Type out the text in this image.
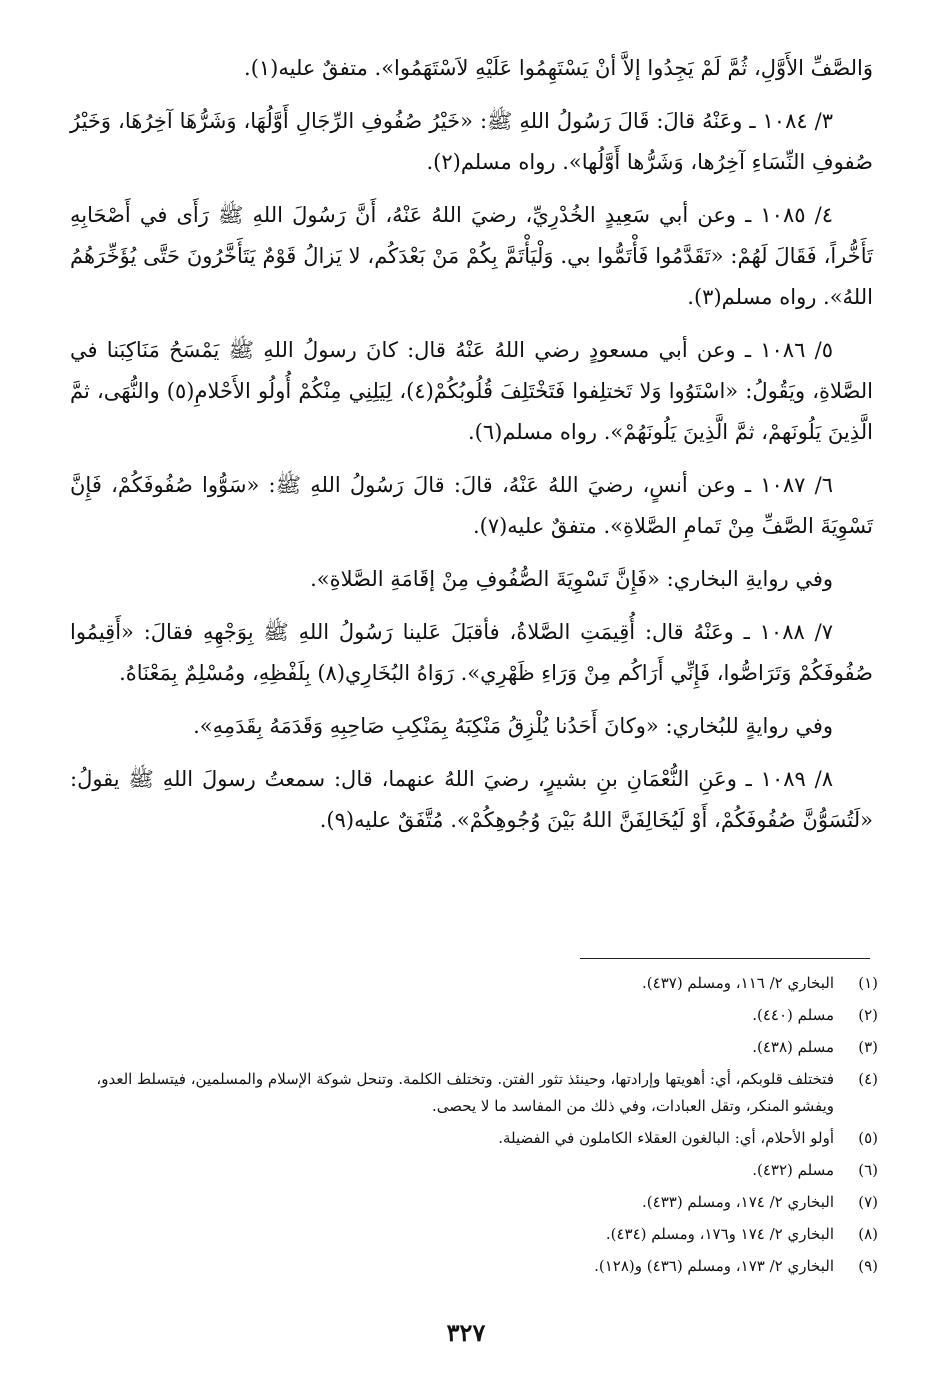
وَالصَّفِّ الأَوَّلِ، ثُمَّ لَمْ يَجِدُوا إلاَّ أنْ يَسْتَهِمُوا عَلَيْهِ لاَسْتَهَمُوا». متفقٌ عليه(١).

٣/ ١٠٨٤ ـ وعَنْهُ قالَ: قَالَ رَسُولُ اللهِ ﷺ: «خَيْرُ صُفُوفِ الرِّجَالِ أَوَّلُهَا، وَشَرُّهَا آخِرُهَا، وَخَيْرُ صُفوفِ النِّسَاءِ آخِرُها، وَشَرُّها أَوَّلُها». رواه مسلم(٢).

٤/ ١٠٨٥ ـ وعن أبي سَعِيدٍ الخُدْرِيِّ، رضيَ اللهُ عَنْهُ، أَنَّ رَسُولَ اللهِ ﷺ رَأَى في أَصْحَابِهِ تَأَخُّراً، فَقَالَ لَهُمْ: «تَقَدَّمُوا فَأْتَمُّوا بي. وَلْيَأْتَمَّ بِكُمْ مَنْ بَعْدَكُم، لا يَزالُ قَوْمٌ يَتَأَخَّرُونَ حَتَّى يُؤَخِّرَهُمُ اللهُ». رواه مسلم(٣).

٥/ ١٠٨٦ ـ وعن أبي مسعودٍ رضي اللهُ عَنْهُ قال: كانَ رسولُ اللهِ ﷺ يَمْسَحُ مَنَاكِبَنا في الصَّلاةِ، ويَقُولُ: «اسْتَوُوا وَلا تَختلِفوا فَتَخْتَلِفَ قُلُوبُكُمْ(٤)، لِيَلِنِي مِنْكُمْ أُولُو الأَحْلامِ(٥) والنُّهَى، ثمَّ الَّذِينَ يَلُونَهمْ، ثمَّ الَّذِينَ يَلُونَهُمْ». رواه مسلم(٦).

٦/ ١٠٨٧ ـ وعن أنسٍ، رضيَ اللهُ عَنْهُ، قالَ: قالَ رَسُولُ اللهِ ﷺ: «سَوُّوا صُفُوفَكُمْ، فَإِنَّ تَسْوِيَةَ الصَّفِّ مِنْ تَمامِ الصَّلاةِ». متفقٌ عليه(٧).

وفي روايةِ البخاري: «فَإِنَّ تَسْوِيَةَ الصُّفُوفِ مِنْ إقَامَةِ الصَّلاةِ».

٧/ ١٠٨٨ ـ وعَنْهُ قال: أُقِيمَتِ الصَّلاةُ، فأقبَلَ عَلينا رَسُولُ اللهِ ﷺ بِوَجْهِهِ فقالَ: «أَقِيمُوا صُفُوفَكُمْ وَتَرَاصُّوا، فَإِنِّي أَرَاكُم مِنْ وَرَاءِ ظَهْرِي». رَوَاهُ البُخَارِي(٨) بِلَفْظِهِ، ومُسْلِمٌ بِمَعْنَاهُ.

وفي روايةٍ للبُخاري: «وكانَ أَحَدُنا يُلْزِقُ مَنْكِبَهُ بِمَنْكِبِ صَاحِبِهِ وَقَدَمَهُ بِقَدَمِهِ».

٨/ ١٠٨٩ ـ وعَنِ النُّعْمَانِ بنِ بشيرٍ، رضيَ اللهُ عنهما، قال: سمعتُ رسولَ اللهِ ﷺ يقولُ: «لَتُسَوُّنَّ صُفُوفَكُمْ، أَوْ لَيُخَالِفَنَّ اللهُ بَيْنَ وُجُوهِكُمْ». مُتَّفَقٌ عليه(٩).

(١)
البخاري ٢/ ١١٦، ومسلم (٤٣٧).
(٢)
مسلم (٤٤٠).
(٣)
مسلم (٤٣٨).
(٤)
فتختلف قلوبكم، أي: أهويتها وإرادتها، وحينئذ تثور الفتن. وتختلف الكلمة. وتنحل شوكة الإسلام والمسلمين، فيتسلط العدو، ويفشو المنكر، وتقل العبادات، وفي ذلك من المفاسد ما لا يحصى.
(٥)
أولو الأحلام، أي: البالغون العقلاء الكاملون في الفضيلة.
(٦)
مسلم (٤٣٢).
(٧)
البخاري ٢/ ١٧٤، ومسلم (٤٣٣).
(٨)
البخاري ٢/ ١٧٤ و١٧٦، ومسلم (٤٣٤).
(٩)
البخاري ٢/ ١٧٣، ومسلم (٤٣٦) و(١٢٨).
٣٢٧
